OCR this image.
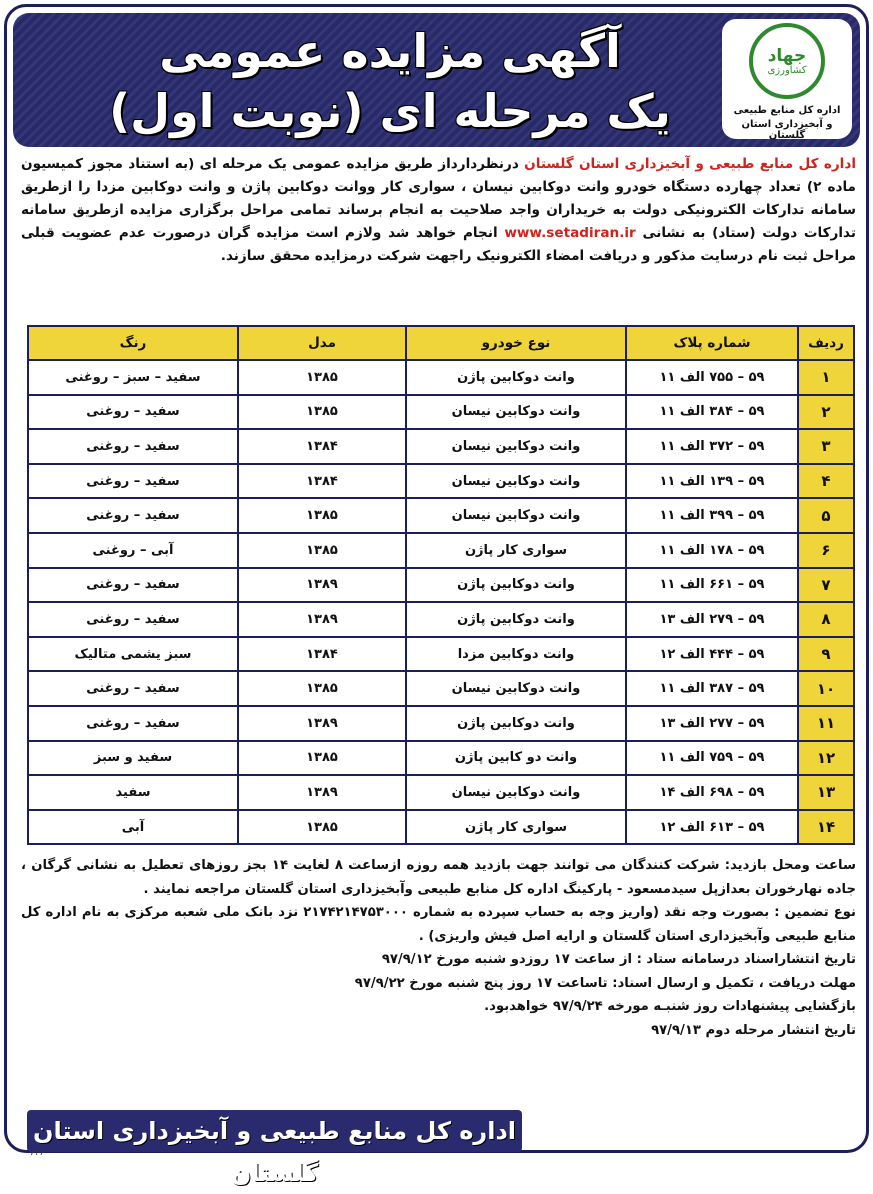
آگهی مزایده عمومی
یک مرحله ای (نوبت اول)
جهاد
کشاورزی
اداره کل منابع طبیعی
و آبخیزداری استان گلستان
اداره کل منابع طبیعی و آبخیزداری استان گلستان درنظردارداز طریق مزایده عمومی یک مرحله ای (به استناد مجوز کمیسیون ماده ۲) تعداد چهارده دستگاه خودرو وانت دوکابین نیسان ، سواری کار ووانت دوکابین پاژن و وانت دوکابین مزدا را ازطریق سامانه تدارکات الکترونیکی دولت به خریداران واجد صلاحیت به انجام برساند تمامی مراحل برگزاری مزایده ازطریق سامانه تدارکات دولت (ستاد) به نشانی www.setadiran.ir انجام خواهد شد ولازم است مزایده گران درصورت عدم عضویت قبلی مراحل ثبت نام درسایت مذکور و دریافت امضاء الکترونیک راجهت شرکت درمزایده محقق سازند.
ردیف	شماره پلاک	نوع خودرو	مدل	رنگ
۱	۵۹ – ۷۵۵ الف ۱۱	وانت دوکابین پاژن	۱۳۸۵	سفید – سبز – روغنی
۲	۵۹ – ۳۸۴ الف ۱۱	وانت دوکابین نیسان	۱۳۸۵	سفید – روغنی
۳	۵۹ – ۳۷۲ الف ۱۱	وانت دوکابین نیسان	۱۳۸۴	سفید – روغنی
۴	۵۹ – ۱۳۹ الف ۱۱	وانت دوکابین نیسان	۱۳۸۴	سفید – روغنی
۵	۵۹ – ۳۹۹ الف ۱۱	وانت دوکابین نیسان	۱۳۸۵	سفید – روغنی
۶	۵۹ – ۱۷۸ الف ۱۱	سواری کار پاژن	۱۳۸۵	آبی – روغنی
۷	۵۹ – ۶۶۱ الف ۱۱	وانت دوکابین پاژن	۱۳۸۹	سفید – روغنی
۸	۵۹ – ۲۷۹ الف ۱۳	وانت دوکابین پاژن	۱۳۸۹	سفید – روغنی
۹	۵۹ – ۴۴۴ الف ۱۲	وانت دوکابین مزدا	۱۳۸۴	سبز یشمی متالیک
۱۰	۵۹ – ۳۸۷ الف ۱۱	وانت دوکابین نیسان	۱۳۸۵	سفید – روغنی
۱۱	۵۹ – ۲۷۷ الف ۱۳	وانت دوکابین پاژن	۱۳۸۹	سفید – روغنی
۱۲	۵۹ – ۷۵۹ الف ۱۱	وانت دو کابین پاژن	۱۳۸۵	سفید و سبز
۱۳	۵۹ – ۶۹۸ الف ۱۴	وانت دوکابین نیسان	۱۳۸۹	سفید
۱۴	۵۹ – ۶۱۳ الف ۱۲	سواری کار پاژن	۱۳۸۵	آبی

ساعت ومحل بازدید: شرکت کنندگان می توانند جهت بازدید همه روزه ازساعت ۸ لغایت ۱۴ بجز روزهای تعطیل به نشانی گرگان ، جاده نهارخوران بعدازپل سیدمسعود - پارکینگ اداره کل منابع طبیعی وآبخیزداری استان گلستان مراجعه نمایند .

نوع تضمین : بصورت وجه نقد (واریز وجه به حساب سپرده به شماره ۲۱۷۴۲۱۴۷۵۳۰۰۰ نزد بانک ملی شعبه مرکزی به نام اداره کل منابع طبیعی وآبخیزداری استان گلستان و ارایه اصل فیش واریزی) .

تاریخ انتشاراسناد درسامانه ستاد : از ساعت ۱۷ روزدو شنبه مورخ ۹۷/۹/۱۲

مهلت دریافت ، تکمیل و ارسال اسناد: تاساعت ۱۷ روز پنج شنبه مورخ ۹۷/۹/۲۲

بازگشایی پیشنهادات روز شنبـه مورخه ۹۷/۹/۲۴ خواهدبود.

تاریخ انتشار مرحله دوم ۹۷/۹/۱۳

اداره کل منابع طبیعی و آبخیزداری استان گلستان
۶۴۶
